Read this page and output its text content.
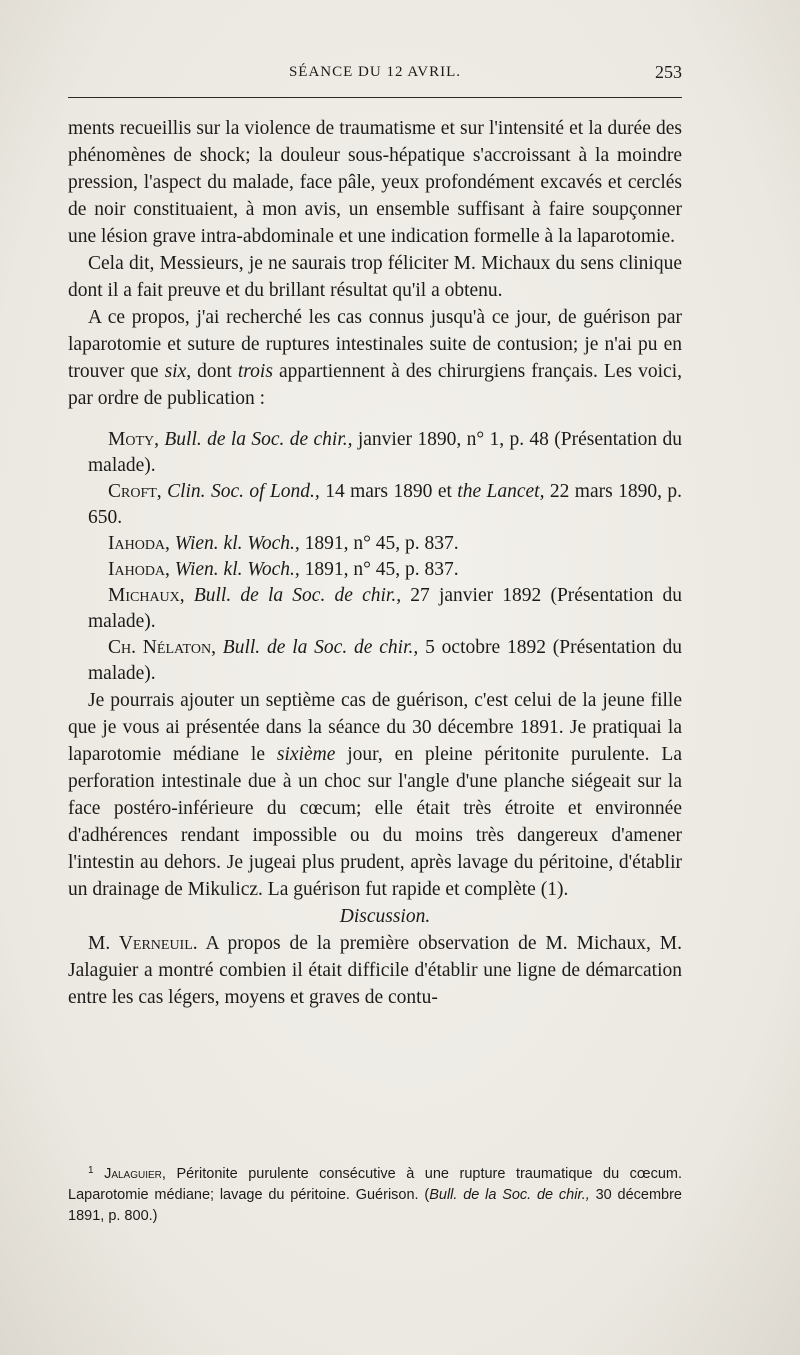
SÉANCE DU 12 AVRIL.	253

ments recueillis sur la violence de traumatisme et sur l'intensité et la durée des phénomènes de shock; la douleur sous-hépatique s'accroissant à la moindre pression, l'aspect du malade, face pâle, yeux profondément excavés et cerclés de noir constituaient, à mon avis, un ensemble suffisant à faire soupçonner une lésion grave intra-abdominale et une indication formelle à la laparotomie.

Cela dit, Messieurs, je ne saurais trop féliciter M. Michaux du sens clinique dont il a fait preuve et du brillant résultat qu'il a obtenu.

A ce propos, j'ai recherché les cas connus jusqu'à ce jour, de guérison par laparotomie et suture de ruptures intestinales suite de contusion; je n'ai pu en trouver que six, dont trois appartiennent à des chirurgiens français. Les voici, par ordre de publication :

Moty, Bull. de la Soc. de chir., janvier 1890, n° 1, p. 48 (Présentation du malade).

Croft, Clin. Soc. of Lond., 14 mars 1890 et the Lancet, 22 mars 1890, p. 650.

Iahoda, Wien. kl. Woch., 1891, n° 45, p. 837.

Iahoda, Wien. kl. Woch., 1891, n° 45, p. 837.

Michaux, Bull. de la Soc. de chir., 27 janvier 1892 (Présentation du malade).

Ch. Nélaton, Bull. de la Soc. de chir., 5 octobre 1892 (Présentation du malade).

Je pourrais ajouter un septième cas de guérison, c'est celui de la jeune fille que je vous ai présentée dans la séance du 30 décembre 1891. Je pratiquai la laparotomie médiane le sixième jour, en pleine péritonite purulente. La perforation intestinale due à un choc sur l'angle d'une planche siégeait sur la face postéro-inférieure du cœcum; elle était très étroite et environnée d'adhérences rendant impossible ou du moins très dangereux d'amener l'intestin au dehors. Je jugeai plus prudent, après lavage du péritoine, d'établir un drainage de Mikulicz. La guérison fut rapide et complète (1).

Discussion.

M. Verneuil. A propos de la première observation de M. Michaux, M. Jalaguier a montré combien il était difficile d'établir une ligne de démarcation entre les cas légers, moyens et graves de contu-

$^1$ Jalaguier, Péritonite purulente consécutive à une rupture traumatique du cœcum. Laparotomie médiane; lavage du péritoine. Guérison. (Bull. de la Soc. de chir., 30 décembre 1891, p. 800.)
